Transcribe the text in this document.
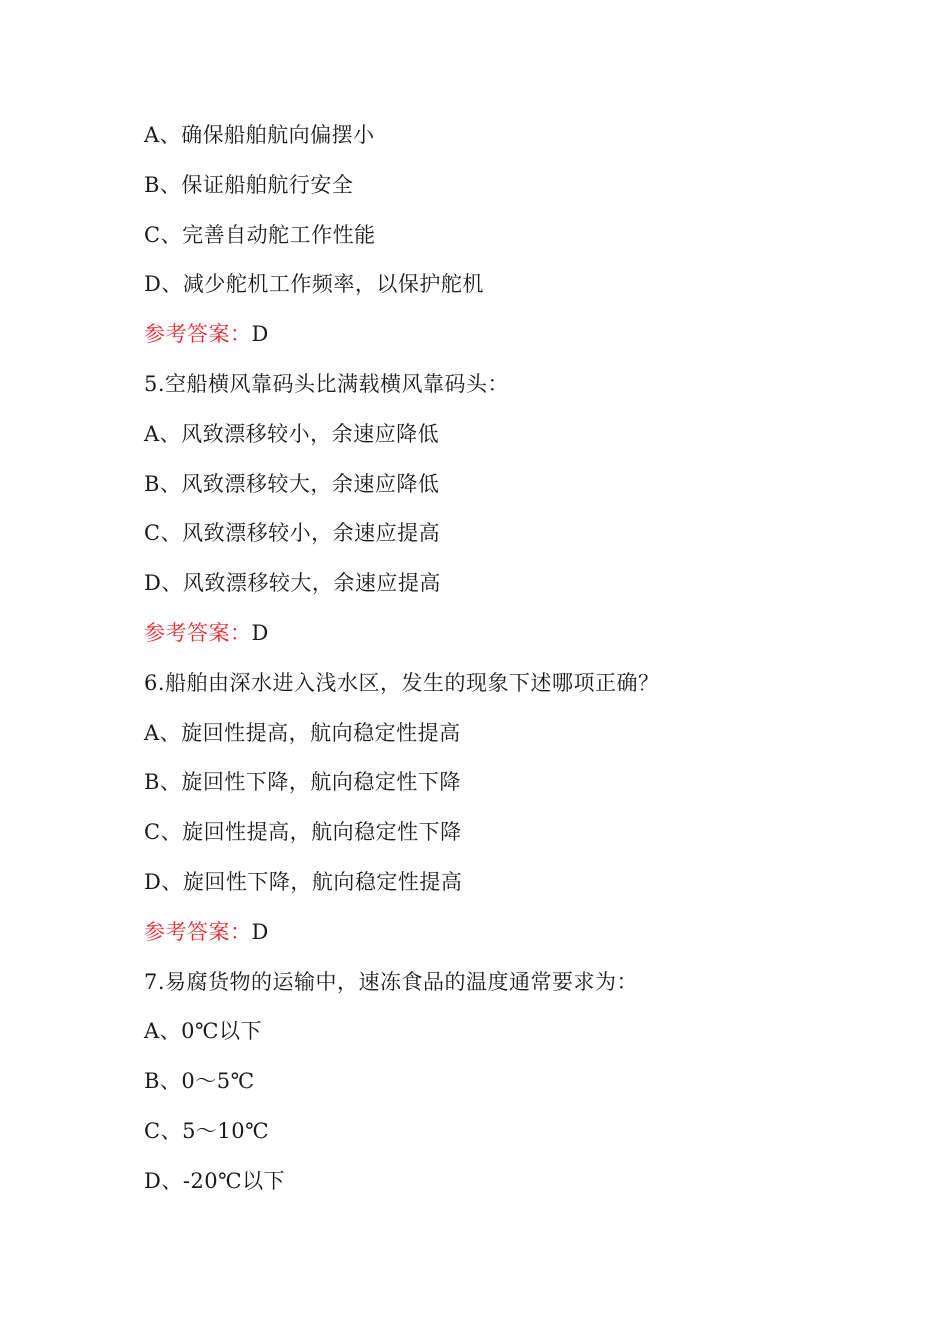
A、确保船舶航向偏摆小
B、保证船舶航行安全
C、完善自动舵工作性能
D、减少舵机工作频率，以保护舵机
参考答案：D
5.空船横风靠码头比满载横风靠码头：
A、风致漂移较小，余速应降低
B、风致漂移较大，余速应降低
C、风致漂移较小，余速应提高
D、风致漂移较大，余速应提高
参考答案：D
6.船舶由深水进入浅水区，发生的现象下述哪项正确？
A、旋回性提高，航向稳定性提高
B、旋回性下降，航向稳定性下降
C、旋回性提高，航向稳定性下降
D、旋回性下降，航向稳定性提高
参考答案：D
7.易腐货物的运输中，速冻食品的温度通常要求为：
A、0℃以下
B、0～5℃
C、5～10℃
D、-20℃以下
